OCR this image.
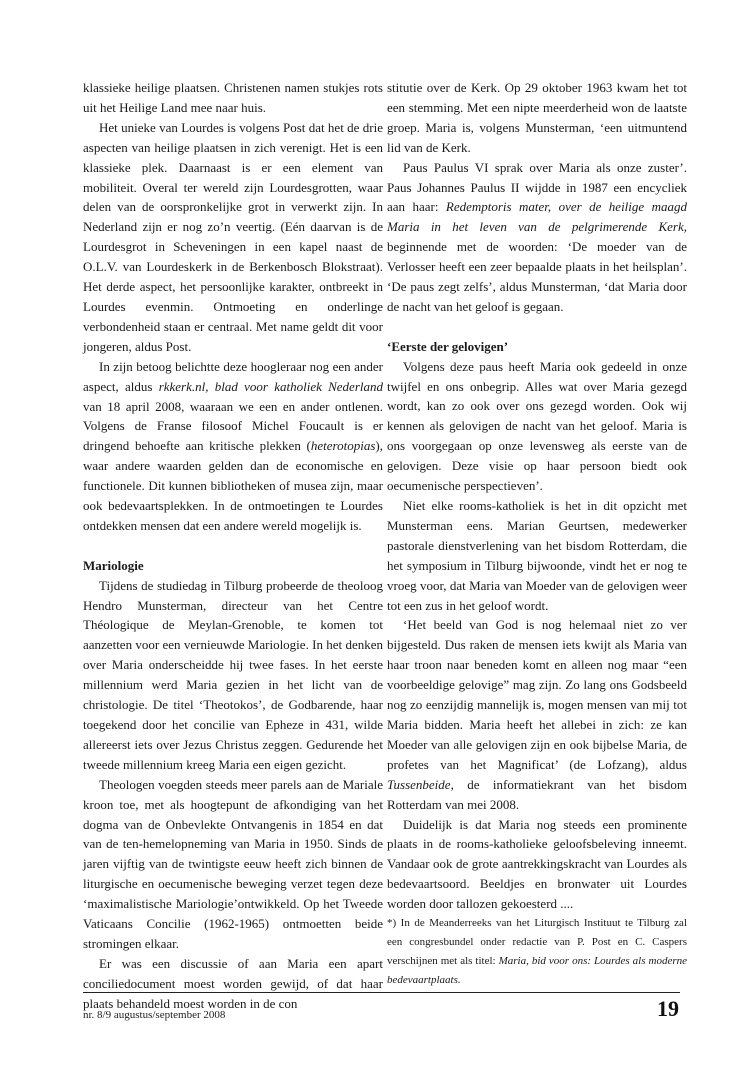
klassieke heilige plaatsen. Christenen namen stukjes rots uit het Heilige Land mee naar huis.

Het unieke van Lourdes is volgens Post dat het de drie aspecten van heilige plaatsen in zich verenigt. Het is een klassieke plek. Daarnaast is er een element van mobiliteit. Overal ter wereld zijn Lourdesgrotten, waar delen van de oorspronkelijke grot in verwerkt zijn. In Nederland zijn er nog zo’n veertig. (Eén daarvan is de Lourdesgrot in Scheveningen in een kapel naast de O.L.V. van Lourdeskerk in de Berkenbosch Blokstraat). Het derde aspect, het persoonlijke karakter, ontbreekt in Lourdes evenmin. Ontmoeting en onderlinge verbondenheid staan er centraal. Met name geldt dit voor jongeren, aldus Post.

In zijn betoog belichtte deze hoogleraar nog een ander aspect, aldus rkkerk.nl, blad voor katholiek Nederland van 18 april 2008, waaraan we een en ander ontlenen. Volgens de Franse filosoof Michel Foucault is er dringend behoefte aan kritische plekken (heterotopias), waar andere waarden gelden dan de economische en functionele. Dit kunnen bibliotheken of musea zijn, maar ook bedevaartsplekken. In de ontmoetingen te Lourdes ontdekken mensen dat een andere wereld mogelijk is.

Mariologie

Tijdens de studiedag in Tilburg probeerde de theoloog Hendro Munsterman, directeur van het Centre Théologique de Meylan-Grenoble, te komen tot aanzetten voor een vernieuwde Mariologie. In het denken over Maria onderscheidde hij twee fases. In het eerste millennium werd Maria gezien in het licht van de christologie. De titel ‘Theotokos’, de Godbarende, haar toegekend door het concilie van Epheze in 431, wilde allereerst iets over Jezus Christus zeggen. Gedurende het tweede millennium kreeg Maria een eigen gezicht.

Theologen voegden steeds meer parels aan de Mariale kroon toe, met als hoogtepunt de afkondiging van het dogma van de Onbevlekte Ontvangenis in 1854 en dat van de ten-hemelopneming van Maria in 1950. Sinds de jaren vijftig van de twintigste eeuw heeft zich binnen de liturgische en oecumenische beweging verzet tegen deze ‘maximalistische Mariologie’ontwikkeld. Op het Tweede Vaticaans Concilie (1962-1965) ontmoetten beide stromingen elkaar.

Er was een discussie of aan Maria een apart conciliedocument moest worden gewijd, of dat haar plaats behandeld moest worden in de con

stitutie over de Kerk. Op 29 oktober 1963 kwam het tot een stemming. Met een nipte meerderheid won de laatste groep. Maria is, volgens Munsterman, ‘een uitmuntend lid van de Kerk.

Paus Paulus VI sprak over Maria als onze zuster’. Paus Johannes Paulus II wijdde in 1987 een encycliek aan haar: Redemptoris mater, over de heilige maagd Maria in het leven van de pelgrimerende Kerk, beginnende met de woorden: ‘De moeder van de Verlosser heeft een zeer bepaalde plaats in het heilsplan’. ‘De paus zegt zelfs’, aldus Munsterman, ‘dat Maria door de nacht van het geloof is gegaan.

‘Eerste der gelovigen’

Volgens deze paus heeft Maria ook gedeeld in onze twijfel en ons onbegrip. Alles wat over Maria gezegd wordt, kan zo ook over ons gezegd worden. Ook wij kennen als gelovigen de nacht van het geloof. Maria is ons voorgegaan op onze levensweg als eerste van de gelovigen. Deze visie op haar persoon biedt ook oecumenische perspectieven’.

Niet elke rooms-katholiek is het in dit opzicht met Munsterman eens. Marian Geurtsen, medewerker pastorale dienstverlening van het bisdom Rotterdam, die het symposium in Tilburg bijwoonde, vindt het er nog te vroeg voor, dat Maria van Moeder van de gelovigen weer tot een zus in het geloof wordt.

‘Het beeld van God is nog helemaal niet zo ver bijgesteld. Dus raken de mensen iets kwijt als Maria van haar troon naar beneden komt en alleen nog maar “een voorbeeldige gelovige” mag zijn. Zo lang ons Godsbeeld nog zo eenzijdig mannelijk is, mogen mensen van mij tot Maria bidden. Maria heeft het allebei in zich: ze kan Moeder van alle gelovigen zijn en ook bijbelse Maria, de profetes van het Magnificat’ (de Lofzang), aldus Tussenbeide, de informatiekrant van het bisdom Rotterdam van mei 2008.

Duidelijk is dat Maria nog steeds een prominente plaats in de rooms-katholieke geloofsbeleving inneemt. Vandaar ook de grote aantrekkingskracht van Lourdes als bedevaartsoord. Beeldjes en bronwater uit Lourdes worden door tallozen gekoesterd ....

*) In de Meanderreeks van het Liturgisch Instituut te Tilburg zal een congresbundel onder redactie van P. Post en C. Caspers verschijnen met als titel: Maria, bid voor ons: Lourdes als moderne bedevaartplaats.

nr. 8/9 augustus/september 2008	19
